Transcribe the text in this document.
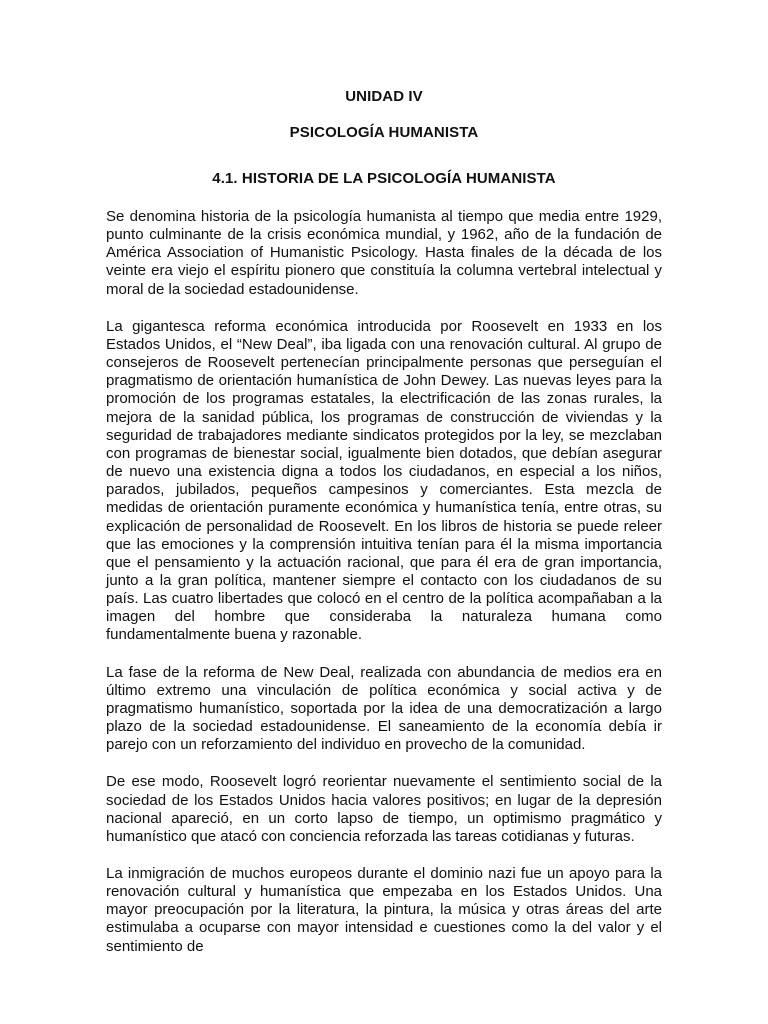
UNIDAD IV
PSICOLOGÍA HUMANISTA
4.1. HISTORIA DE LA PSICOLOGÍA HUMANISTA

Se denomina historia de la psicología humanista al tiempo que media entre 1929, punto culminante de la crisis económica mundial, y 1962, año de la fundación de América Association of Humanistic Psicology. Hasta finales de la década de los veinte era viejo el espíritu pionero que constituía la columna vertebral intelectual y moral de la sociedad estadounidense.

La gigantesca reforma económica introducida por Roosevelt en 1933 en los Estados Unidos, el “New Deal”, iba ligada con una renovación cultural. Al grupo de consejeros de Roosevelt pertenecían principalmente personas que perseguían el pragmatismo de orientación humanística de John Dewey. Las nuevas leyes para la promoción de los programas estatales, la electrificación de las zonas rurales, la mejora de la sanidad pública, los programas de construcción de viviendas y la seguridad de trabajadores mediante sindicatos protegidos por la ley, se mezclaban con programas de bienestar social, igualmente bien dotados, que debían asegurar de nuevo una existencia digna a todos los ciudadanos, en especial a los niños, parados, jubilados, pequeños campesinos y comerciantes. Esta mezcla de medidas de orientación puramente económica y humanística tenía, entre otras, su explicación de personalidad de Roosevelt. En los libros de historia se puede releer que las emociones y la comprensión intuitiva tenían para él la misma importancia que el pensamiento y la actuación racional, que para él era de gran importancia, junto a la gran política, mantener siempre el contacto con los ciudadanos de su país. Las cuatro libertades que colocó en el centro de la política acompañaban a la imagen del hombre que consideraba la naturaleza humana como fundamentalmente buena y razonable.

La fase de la reforma de New Deal, realizada con abundancia de medios era en último extremo una vinculación de política económica y social activa y de pragmatismo humanístico, soportada por la idea de una democratización a largo plazo de la sociedad estadounidense. El saneamiento de la economía debía ir parejo con un reforzamiento del individuo en provecho de la comunidad.

De ese modo, Roosevelt logró reorientar nuevamente el sentimiento social de la sociedad de los Estados Unidos hacia valores positivos; en lugar de la depresión nacional apareció, en un corto lapso de tiempo, un optimismo pragmático y humanístico que atacó con conciencia reforzada las tareas cotidianas y futuras.

La inmigración de muchos europeos durante el dominio nazi fue un apoyo para la renovación cultural y humanística que empezaba en los Estados Unidos. Una mayor preocupación por la literatura, la pintura, la música y otras áreas del arte estimulaba a ocuparse con mayor intensidad e cuestiones como la del valor y el sentimiento de
